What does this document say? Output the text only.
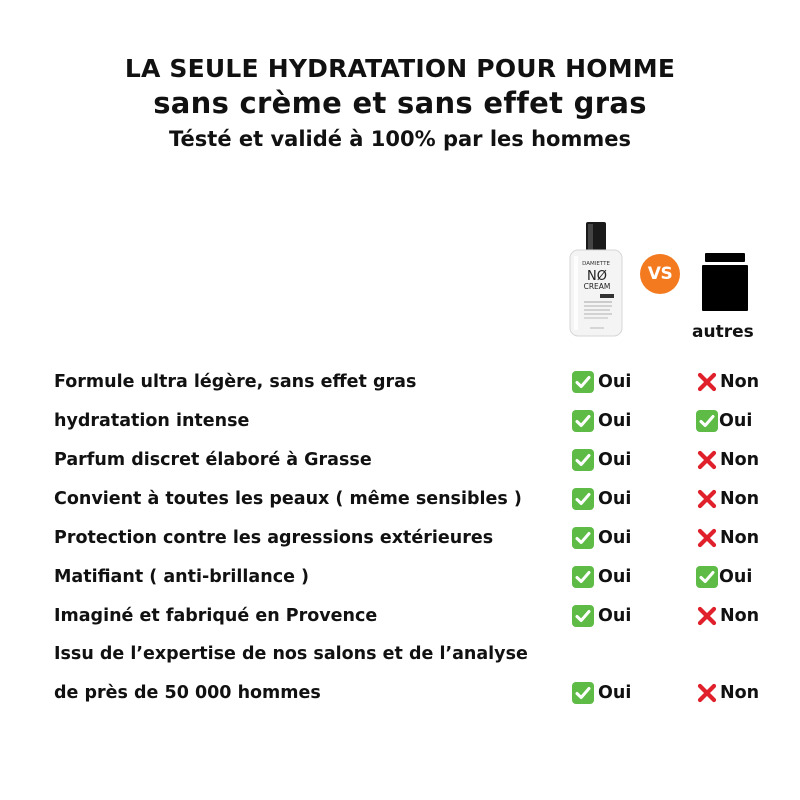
LA SEULE HYDRATATION POUR HOMME
sans crème et sans effet gras
Tésté et validé à 100% par les hommes
DAMIETTE
NØ
CREAM
VS
autres
Formule ultra légère, sans effet gras	Oui	Non
hydratation intense	Oui	Oui
Parfum discret élaboré à Grasse	Oui	Non
Convient à toutes les peaux ( même sensibles )	Oui	Non
Protection contre les agressions extérieures	Oui	Non
Matifiant ( anti-brillance )	Oui	Oui
Imaginé et fabriqué en Provence	Oui	Non
Issu de l’expertise de nos salons et de l’analyse
de près de 50 000 hommes	Oui	Non
